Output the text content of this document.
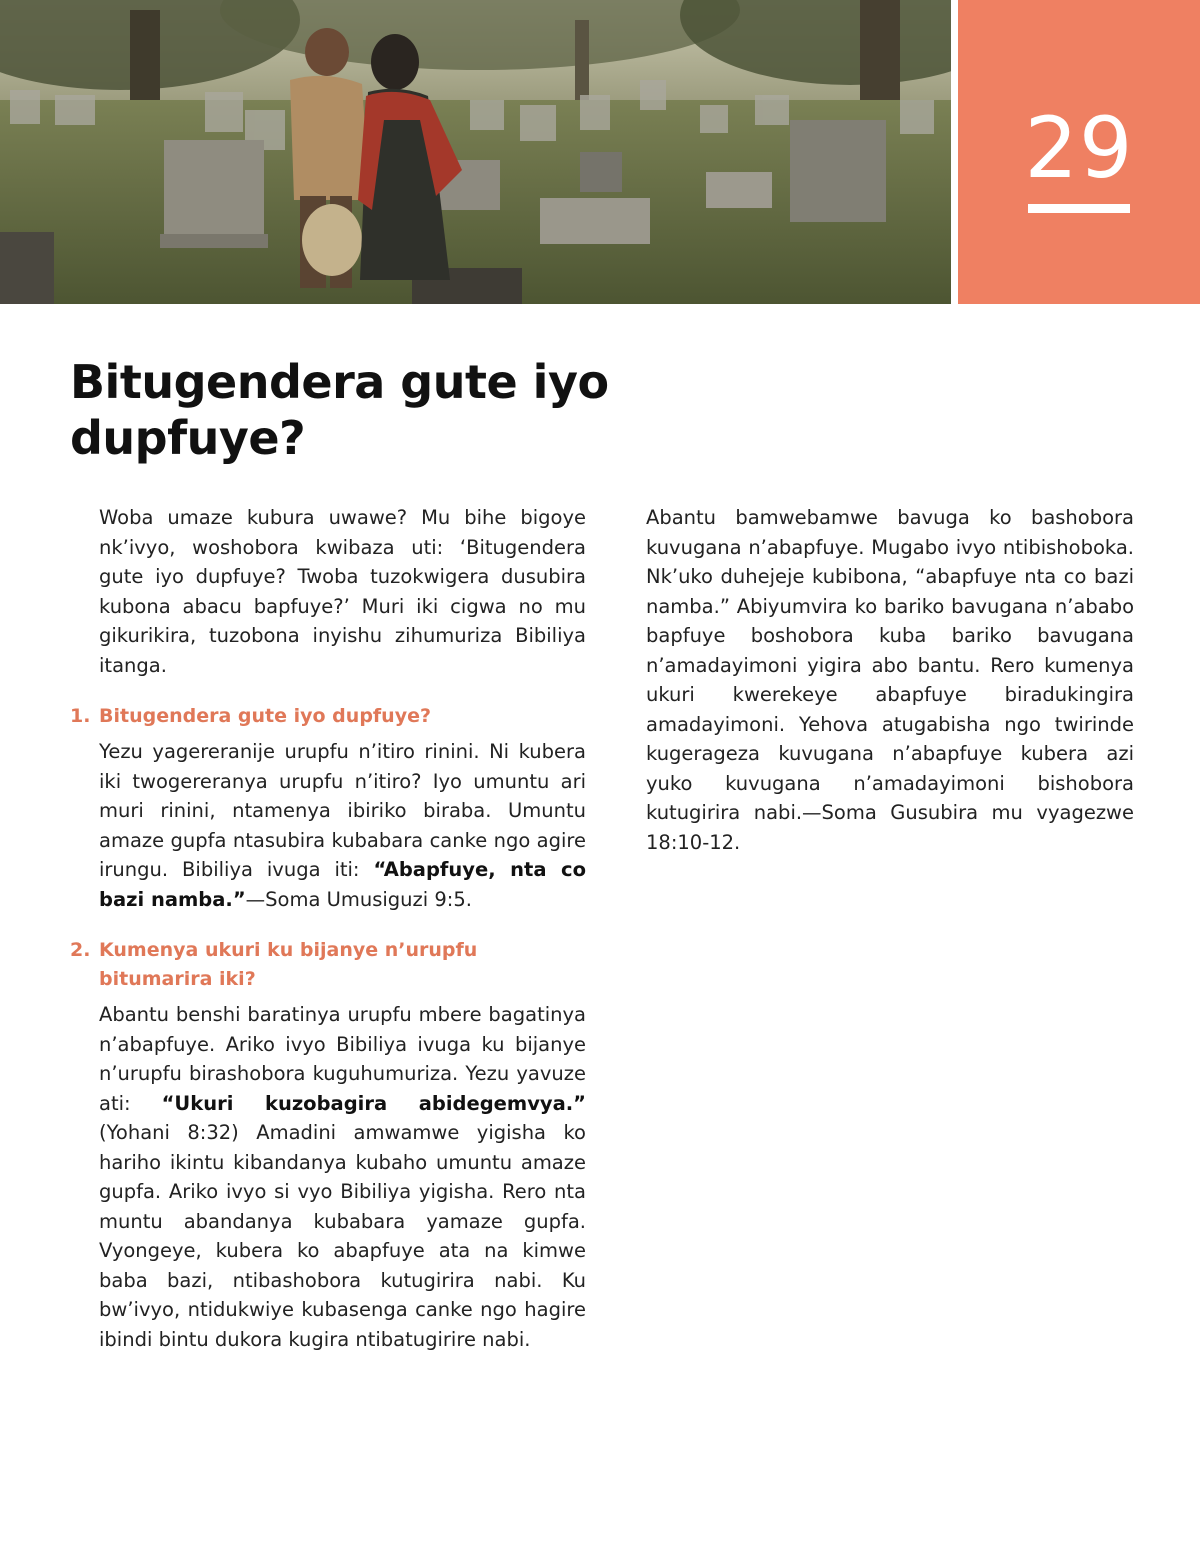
29
Bitugendera gute iyo dupfuye?

Woba umaze kubura uwawe? Mu bihe bigoye nk’ivyo, woshobora kwibaza uti: ‘Bitugendera gute iyo dupfuye? Twoba tuzokwigera dusubira kubona abacu bapfuye?’ Muri iki cigwa no mu gikurikira, tuzobona inyishu zihumuriza Bibiliya itanga.

1. Bitugendera gute iyo dupfuye?

Yezu yagereranije urupfu n’itiro rinini. Ni kubera iki twogereranya urupfu n’itiro? Iyo umuntu ari muri rinini, ntamenya ibiriko biraba. Umuntu amaze gupfa ntasubira kubabara canke ngo agire irungu. Bibiliya ivuga iti: “Abapfuye, nta co bazi namba.”—Soma Umusiguzi 9:5.

2. Kumenya ukuri ku bijanye n’urupfu bitumarira iki?

Abantu benshi baratinya urupfu mbere bagatinya n’abapfuye. Ariko ivyo Bibiliya ivuga ku bijanye n’urupfu birashobora kuguhumuriza. Yezu yavuze ati: “Ukuri kuzobagira abidegemvya.” (Yohani 8:32) Amadini amwamwe yigisha ko hariho ikintu kibandanya kubaho umuntu amaze gupfa. Ariko ivyo si vyo Bibiliya yigisha. Rero nta muntu abandanya kubabara yamaze gupfa. Vyongeye, kubera ko abapfuye ata na kimwe baba bazi, ntibashobora kutugirira nabi. Ku bw’ivyo, ntidukwiye kubasenga canke ngo hagire ibindi bintu dukora kugira ntibatugirire nabi.

Abantu bamwebamwe bavuga ko bashobora kuvugana n’abapfuye. Mugabo ivyo ntibishoboka. Nk’uko duhejeje kubibona, “abapfuye nta co bazi namba.” Abiyumvira ko bariko bavugana n’ababo bapfuye boshobora kuba bariko bavugana n’amadayimoni yigira abo bantu. Rero kumenya ukuri kwerekeye abapfuye biradukingira amadayimoni. Yehova atugabisha ngo twirinde kugerageza kuvugana n’abapfuye kubera azi yuko kuvugana n’amadayimoni bishobora kutugirira nabi.—Soma Gusubira mu vyagezwe 18:10-12.
